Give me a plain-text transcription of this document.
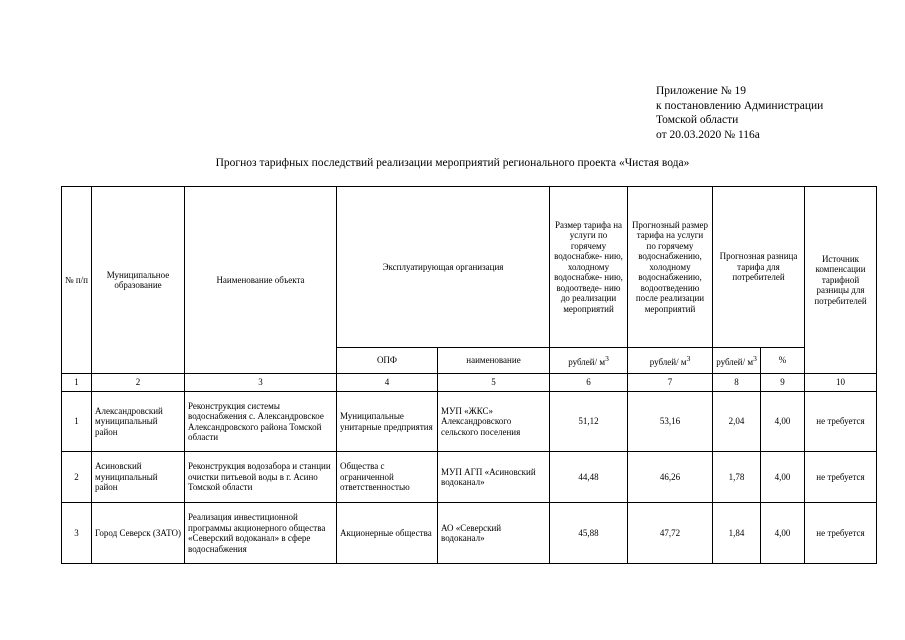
Приложение № 19
к постановлению Администрации
Томской области
от 20.03.2020 № 116а
Прогноз тарифных последствий реализации мероприятий регионального проекта «Чистая вода»
№ п/п	Муниципальное образование	Наименование объекта	Эксплуатирующая организация		Размер тарифа на услуги по горячему водоснабже- нию, холодному водоснабже- нию, водоотведе- нию до реализации мероприятий	Прогнозный размер тарифа на услуги по горячему водоснабжению, холодному водоснабжению, водоотведению после реализации мероприятий	Прогнозная разница тарифа для потребителей		Источник компенсации тарифной разницы для потребителей
			ОПФ	наименование	рублей/ $м^3$	рублей/ $м^3$	рублей/ $м^3$	%	
1	2	3	4	5	6	7	8	9	10
1	Александровский муниципальный район	Реконструкция системы водоснабжения с. Александровское Александровского района Томской области	Муниципальные унитарные предприятия	МУП «ЖКС» Александровского сельского поселения	51,12	53,16	2,04	4,00	не требуется
2	Асиновский муниципальный район	Реконструкция водозабора и станции очистки питьевой воды в г. Асино Томской области	Общества с ограниченной ответственностью	МУП АГП «Асиновский водоканал»	44,48	46,26	1,78	4,00	не требуется
3	Город Северск (ЗАТО)	Реализация инвестиционной программы акционерного общества «Северский водоканал» в сфере водоснабжения	Акционерные общества	АО «Северский водоканал»	45,88	47,72	1,84	4,00	не требуется
